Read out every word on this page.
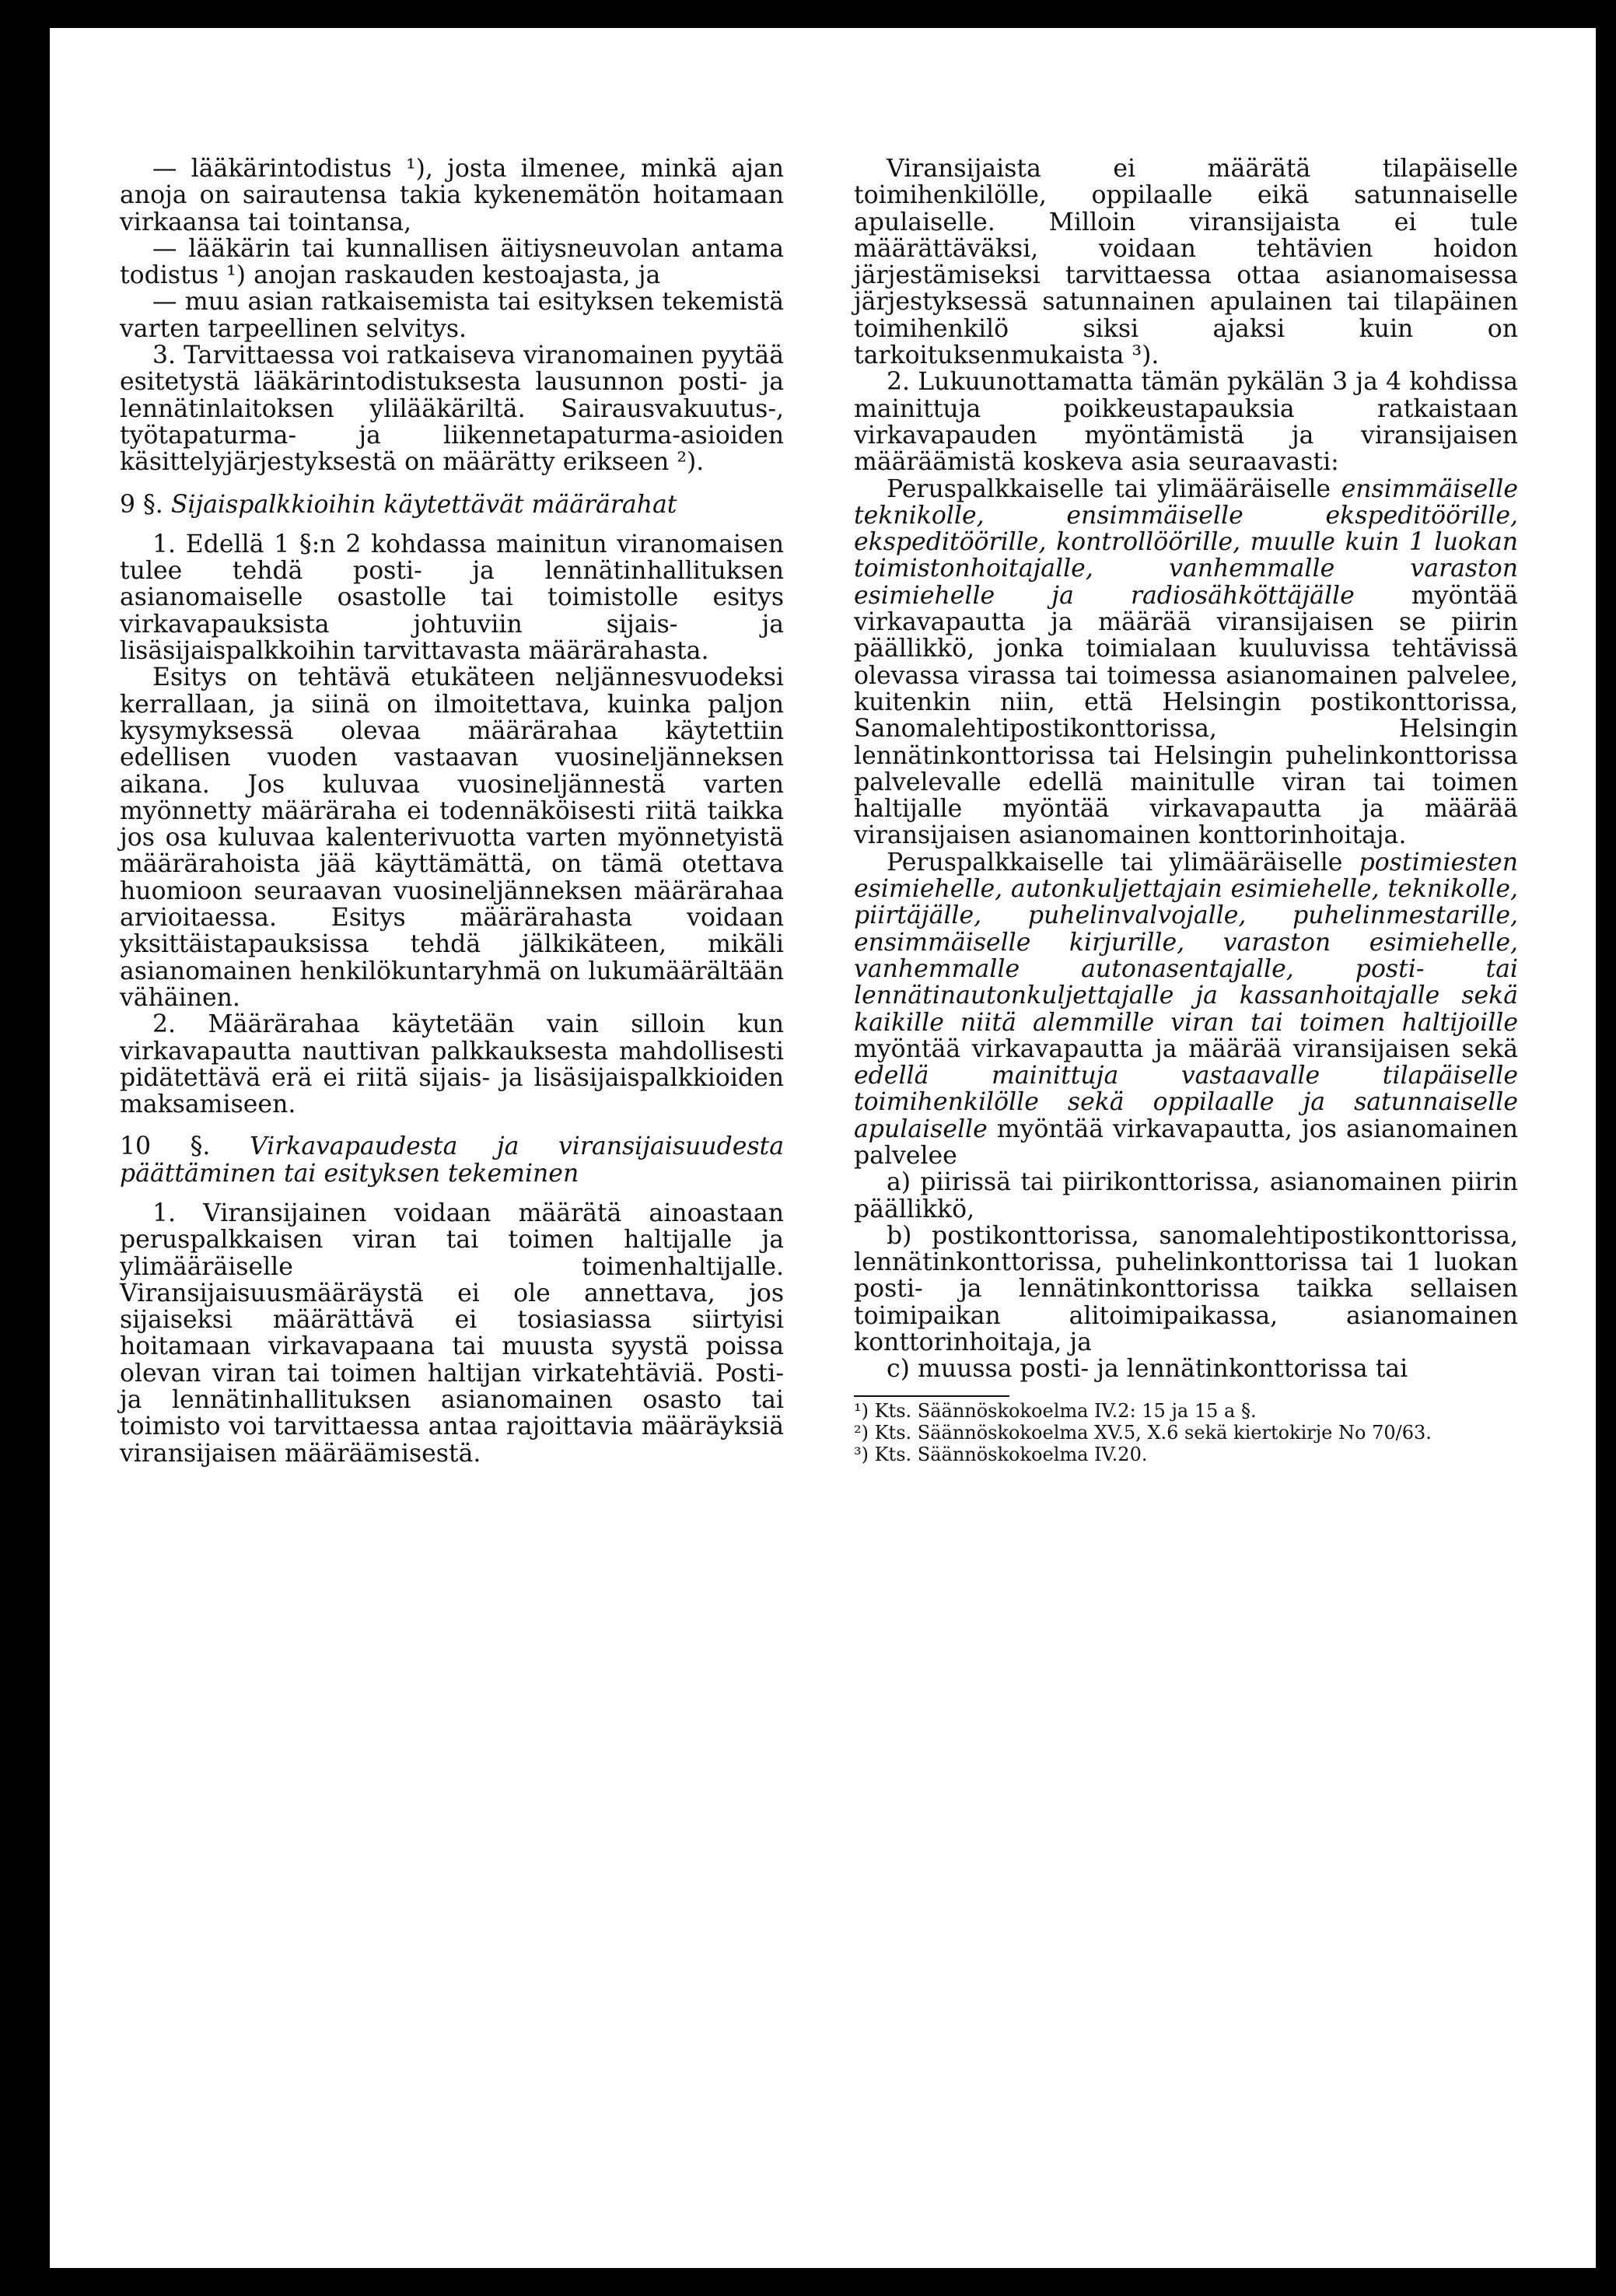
— lääkärintodistus ¹), josta ilmenee, minkä ajan anoja on sairautensa takia kykenemätön hoitamaan virkaansa tai tointansa,

— lääkärin tai kunnallisen äitiysneuvolan antama todistus ¹) anojan raskauden kestoajasta, ja

— muu asian ratkaisemista tai esityksen tekemistä varten tarpeellinen selvitys.

3. Tarvittaessa voi ratkaiseva viranomainen pyytää esitetystä lääkärintodistuksesta lausunnon posti- ja lennätinlaitoksen ylilääkäriltä. Sairausvakuutus-, työtapaturma- ja liikennetapaturma-asioiden käsittelyjärjestyksestä on määrätty erikseen ²).

9 §. Sijaispalkkioihin käytettävät määrärahat

1. Edellä 1 §:n 2 kohdassa mainitun viranomaisen tulee tehdä posti- ja lennätinhallituksen asianomaiselle osastolle tai toimistolle esitys virkavapauksista johtuviin sijais- ja lisäsijaispalkkoihin tarvittavasta määrärahasta.

Esitys on tehtävä etukäteen neljännesvuodeksi kerrallaan, ja siinä on ilmoitettava, kuinka paljon kysymyksessä olevaa määrärahaa käytettiin edellisen vuoden vastaavan vuosineljänneksen aikana. Jos kuluvaa vuosineljännestä varten myönnetty määräraha ei todennäköisesti riitä taikka jos osa kuluvaa kalenterivuotta varten myönnetyistä määrärahoista jää käyttämättä, on tämä otettava huomioon seuraavan vuosineljänneksen määrärahaa arvioitaessa. Esitys määrärahasta voidaan yksittäistapauksissa tehdä jälkikäteen, mikäli asianomainen henkilökuntaryhmä on lukumäärältään vähäinen.

2. Määrärahaa käytetään vain silloin kun virkavapautta nauttivan palkkauksesta mahdollisesti pidätettävä erä ei riitä sijais- ja lisäsijaispalkkioiden maksamiseen.

10 §. Virkavapaudesta ja viransijaisuudesta päättäminen tai esityksen tekeminen

1. Viransijainen voidaan määrätä ainoastaan peruspalkkaisen viran tai toimen haltijalle ja ylimääräiselle toimenhaltijalle. Viransijaisuusmääräystä ei ole annettava, jos sijaiseksi määrättävä ei tosiasiassa siirtyisi hoitamaan virkavapaana tai muusta syystä poissa olevan viran tai toimen haltijan virkatehtäviä. Posti- ja lennätinhallituksen asianomainen osasto tai toimisto voi tarvittaessa antaa rajoittavia määräyksiä viransijaisen määräämisestä.

Viransijaista ei määrätä tilapäiselle toimihenkilölle, oppilaalle eikä satunnaiselle apulaiselle. Milloin viransijaista ei tule määrättäväksi, voidaan tehtävien hoidon järjestämiseksi tarvittaessa ottaa asianomaisessa järjestyksessä satunnainen apulainen tai tilapäinen toimihenkilö siksi ajaksi kuin on tarkoituksenmukaista ³).

2. Lukuunottamatta tämän pykälän 3 ja 4 kohdissa mainittuja poikkeustapauksia ratkaistaan virkavapauden myöntämistä ja viransijaisen määräämistä koskeva asia seuraavasti:

Peruspalkkaiselle tai ylimääräiselle ensimmäiselle teknikolle, ensimmäiselle ekspeditöörille, ekspeditöörille, kontrollöörille, muulle kuin 1 luokan toimistonhoitajalle, vanhemmalle varaston esimiehelle ja radiosähköttäjälle myöntää virkavapautta ja määrää viransijaisen se piirin päällikkö, jonka toimialaan kuuluvissa tehtävissä olevassa virassa tai toimessa asianomainen palvelee, kuitenkin niin, että Helsingin postikonttorissa, Sanomalehtipostikonttorissa, Helsingin lennätinkonttorissa tai Helsingin puhelinkonttorissa palvelevalle edellä mainitulle viran tai toimen haltijalle myöntää virkavapautta ja määrää viransijaisen asianomainen konttorinhoitaja.

Peruspalkkaiselle tai ylimääräiselle postimiesten esimiehelle, autonkuljettajain esimiehelle, teknikolle, piirtäjälle, puhelinvalvojalle, puhelinmestarille, ensimmäiselle kirjurille, varaston esimiehelle, vanhemmalle autonasentajalle, posti- tai lennätinautonkuljettajalle ja kassanhoitajalle sekä kaikille niitä alemmille viran tai toimen haltijoille myöntää virkavapautta ja määrää viransijaisen sekä edellä mainittuja vastaavalle tilapäiselle toimihenkilölle sekä oppilaalle ja satunnaiselle apulaiselle myöntää virkavapautta, jos asianomainen palvelee

a) piirissä tai piirikonttorissa, asianomainen piirin päällikkö,

b) postikonttorissa, sanomalehtipostikonttorissa, lennätinkonttorissa, puhelinkonttorissa tai 1 luokan posti- ja lennätinkonttorissa taikka sellaisen toimipaikan alitoimipaikassa, asianomainen konttorinhoitaja, ja

c) muussa posti- ja lennätinkonttorissa tai

¹) Kts. Säännöskokoelma IV.2: 15 ja 15 a §.

²) Kts. Säännöskokoelma XV.5, X.6 sekä kiertokirje No 70/63.

³) Kts. Säännöskokoelma IV.20.
